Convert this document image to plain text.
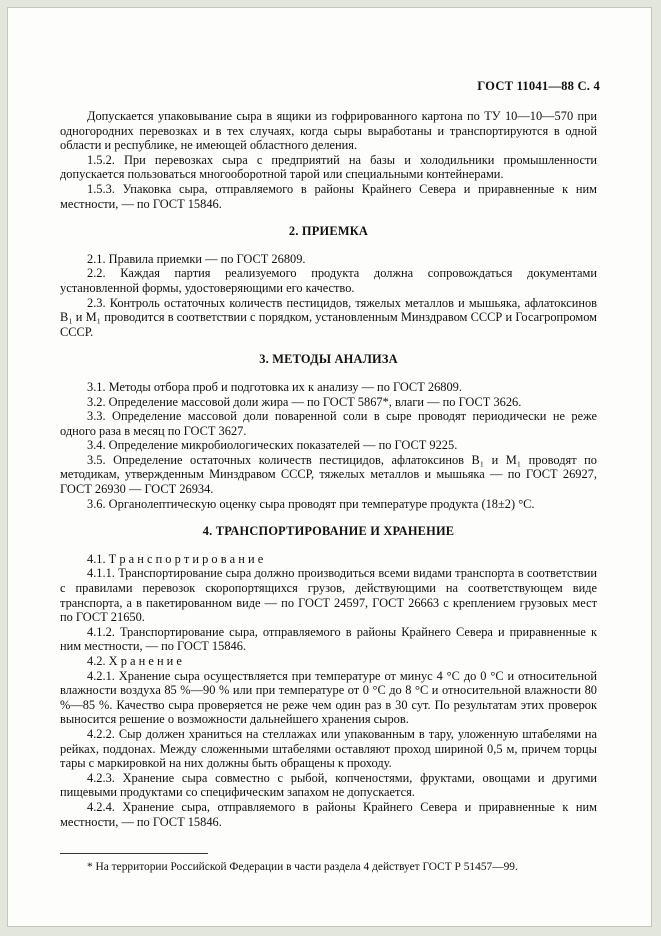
ГОСТ 11041—88 С. 4

Допускается упаковывание сыра в ящики из гофрированного картона по ТУ 10—10—570 при одногородних перевозках и в тех случаях, когда сыры выработаны и транспортируются в одной области и республике, не имеющей областного деления.

1.5.2. При перевозках сыра с предприятий на базы и холодильники промышленности допускается пользоваться многооборотной тарой или специальными контейнерами.

1.5.3. Упаковка сыра, отправляемого в районы Крайнего Севера и приравненные к ним местности, — по ГОСТ 15846.

2. ПРИЕМКА

2.1. Правила приемки — по ГОСТ 26809.

2.2. Каждая партия реализуемого продукта должна сопровождаться документами установленной формы, удостоверяющими его качество.

2.3. Контроль остаточных количеств пестицидов, тяжелых металлов и мышьяка, афлатоксинов В₁ и М₁ проводится в соответствии с порядком, установленным Минздравом СССР и Госагропромом СССР.

3. МЕТОДЫ АНАЛИЗА

3.1. Методы отбора проб и подготовка их к анализу — по ГОСТ 26809.

3.2. Определение массовой доли жира — по ГОСТ 5867*, влаги — по ГОСТ 3626.

3.3. Определение массовой доли поваренной соли в сыре проводят периодически не реже одного раза в месяц по ГОСТ 3627.

3.4. Определение микробиологических показателей — по ГОСТ 9225.

3.5. Определение остаточных количеств пестицидов, афлатоксинов В₁ и М₁ проводят по методикам, утвержденным Минздравом СССР, тяжелых металлов и мышьяка — по ГОСТ 26927, ГОСТ 26930 — ГОСТ 26934.

3.6. Органолептическую оценку сыра проводят при температуре продукта (18±2) °С.

4. ТРАНСПОРТИРОВАНИЕ И ХРАНЕНИЕ

4.1. Т р а н с п о р т и р о в а н и е

4.1.1. Транспортирование сыра должно производиться всеми видами транспорта в соответствии с правилами перевозок скоропортящихся грузов, действующими на соответствующем виде транспорта, а в пакетированном виде — по ГОСТ 24597, ГОСТ 26663 с креплением грузовых мест по ГОСТ 21650.

4.1.2. Транспортирование сыра, отправляемого в районы Крайнего Севера и приравненные к ним местности, — по ГОСТ 15846.

4.2. Х р а н е н и е

4.2.1. Хранение сыра осуществляется при температуре от минус 4 °С до 0 °С и относительной влажности воздуха 85 %—90 % или при температуре от 0 °С до 8 °С и относительной влажности 80 %—85 %. Качество сыра проверяется не реже чем один раз в 30 сут. По результатам этих проверок выносится решение о возможности дальнейшего хранения сыров.

4.2.2. Сыр должен храниться на стеллажах или упакованным в тару, уложенную штабелями на рейках, поддонах. Между сложенными штабелями оставляют проход шириной 0,5 м, причем торцы тары с маркировкой на них должны быть обращены к проходу.

4.2.3. Хранение сыра совместно с рыбой, копченостями, фруктами, овощами и другими пищевыми продуктами со специфическим запахом не допускается.

4.2.4. Хранение сыра, отправляемого в районы Крайнего Севера и приравненные к ним местности, — по ГОСТ 15846.

* На территории Российской Федерации в части раздела 4 действует ГОСТ Р 51457—99.
